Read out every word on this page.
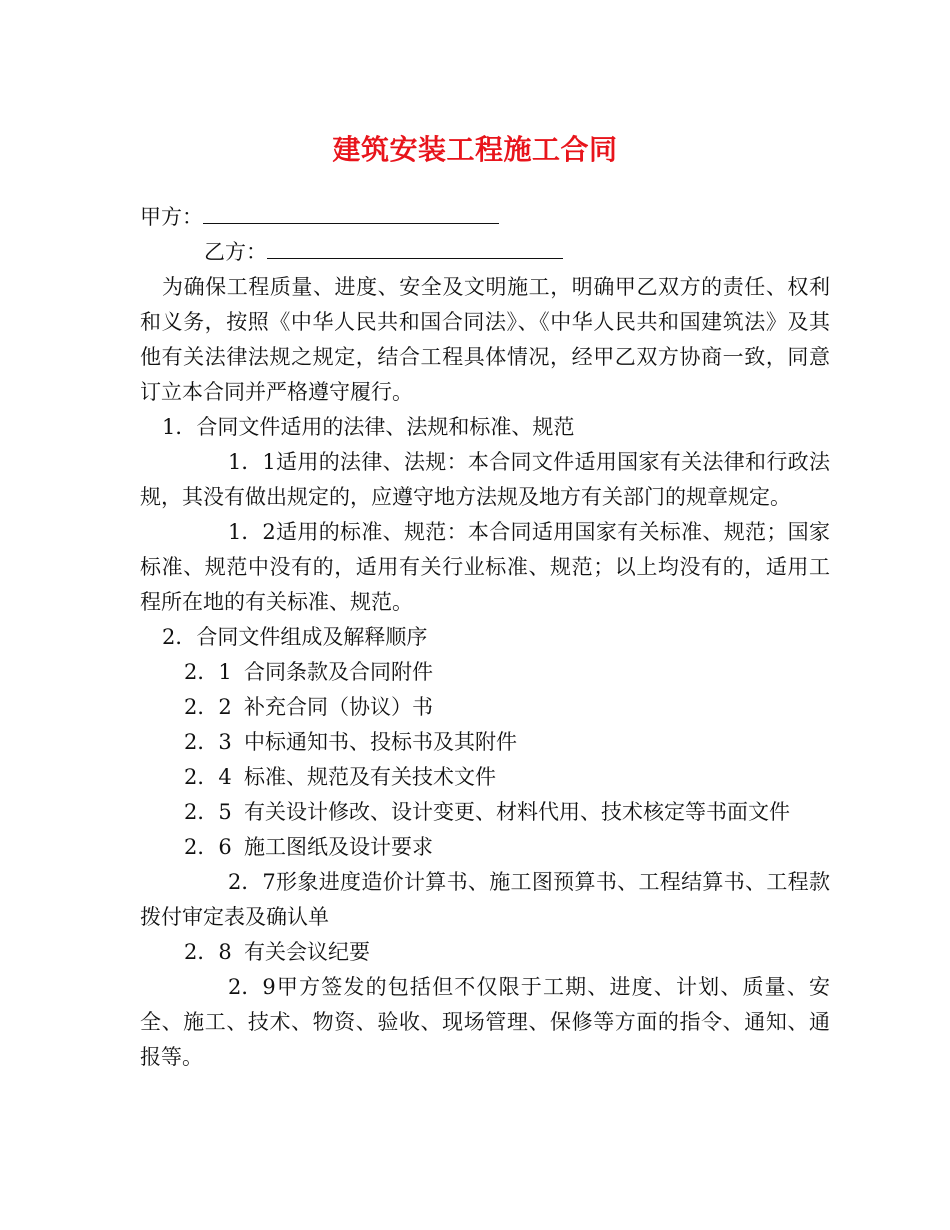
建筑安装工程施工合同
甲方：
乙方：
为确保工程质量、进度、安全及文明施工，明确甲乙双方的责任、权利和义务，按照《中华人民共和国合同法》、《中华人民共和国建筑法》及其他有关法律法规之规定，结合工程具体情况，经甲乙双方协商一致，同意订立本合同并严格遵守履行。
1．合同文件适用的法律、法规和标准、规范
1．1适用的法律、法规：本合同文件适用国家有关法律和行政法规，其没有做出规定的，应遵守地方法规及地方有关部门的规章规定。
1．2适用的标准、规范：本合同适用国家有关标准、规范；国家标准、规范中没有的，适用有关行业标准、规范；以上均没有的，适用工程所在地的有关标准、规范。
2．合同文件组成及解释顺序
2．1 合同条款及合同附件
2．2 补充合同（协议）书
2．3 中标通知书、投标书及其附件
2．4 标准、规范及有关技术文件
2．5 有关设计修改、设计变更、材料代用、技术核定等书面文件
2．6 施工图纸及设计要求
2．7形象进度造价计算书、施工图预算书、工程结算书、工程款拨付审定表及确认单
2．8 有关会议纪要
2．9甲方签发的包括但不仅限于工期、进度、计划、质量、安全、施工、技术、物资、验收、现场管理、保修等方面的指令、通知、通报等。
